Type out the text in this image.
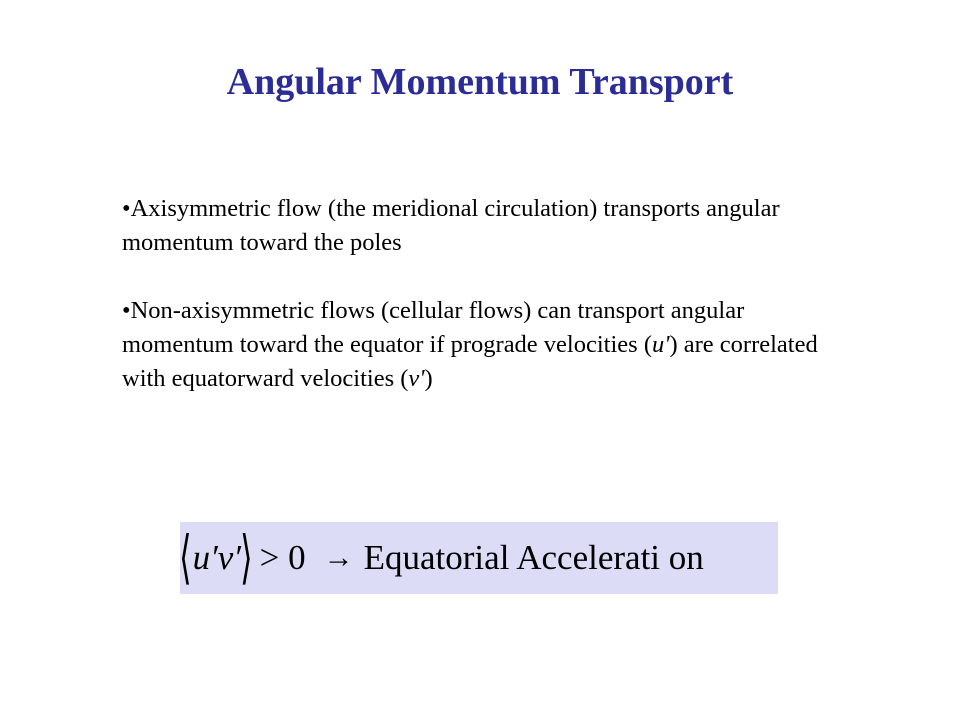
Angular Momentum Transport

•Axisymmetric flow (the meridional circulation) transports angular momentum toward the poles

•Non-axisymmetric flows (cellular flows) can transport angular momentum toward the equator if prograde velocities (u') are correlated with equatorward velocities (v')

⟨ u′v′ ⟩ > 0 → Equatorial Accelerati on
